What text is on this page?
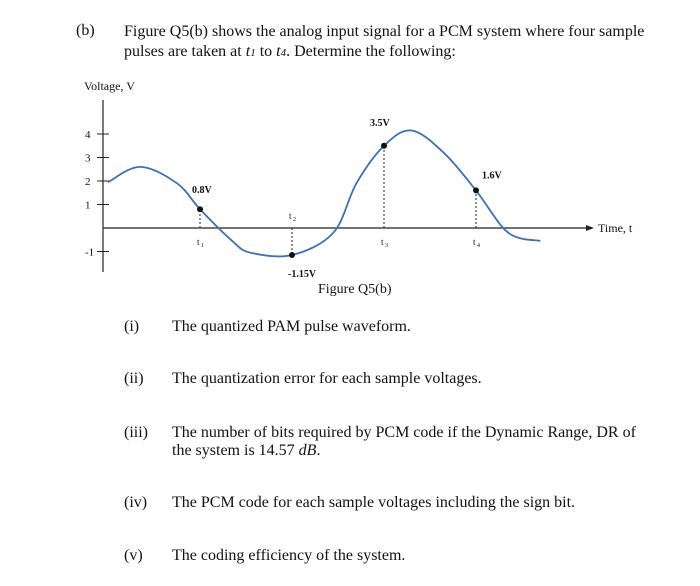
(b) Figure Q5(b) shows the analog input signal for a PCM system where four sample
pulses are taken at t1 to t4. Determine the following:
Voltage, V
Time, t
4
3
2
1
-1
t 1
0.8V
t 2
-1.15V
t 3
3.5V
t 4
1.6V
Figure Q5(b)
(i)	The quantized PAM pulse waveform.
(ii)	The quantization error for each sample voltages.
(iii)	The number of bits required by PCM code if the Dynamic Range, DR of the system is 14.57 dB.
(iv)	The PCM code for each sample voltages including the sign bit.
(v)	The coding efficiency of the system.
